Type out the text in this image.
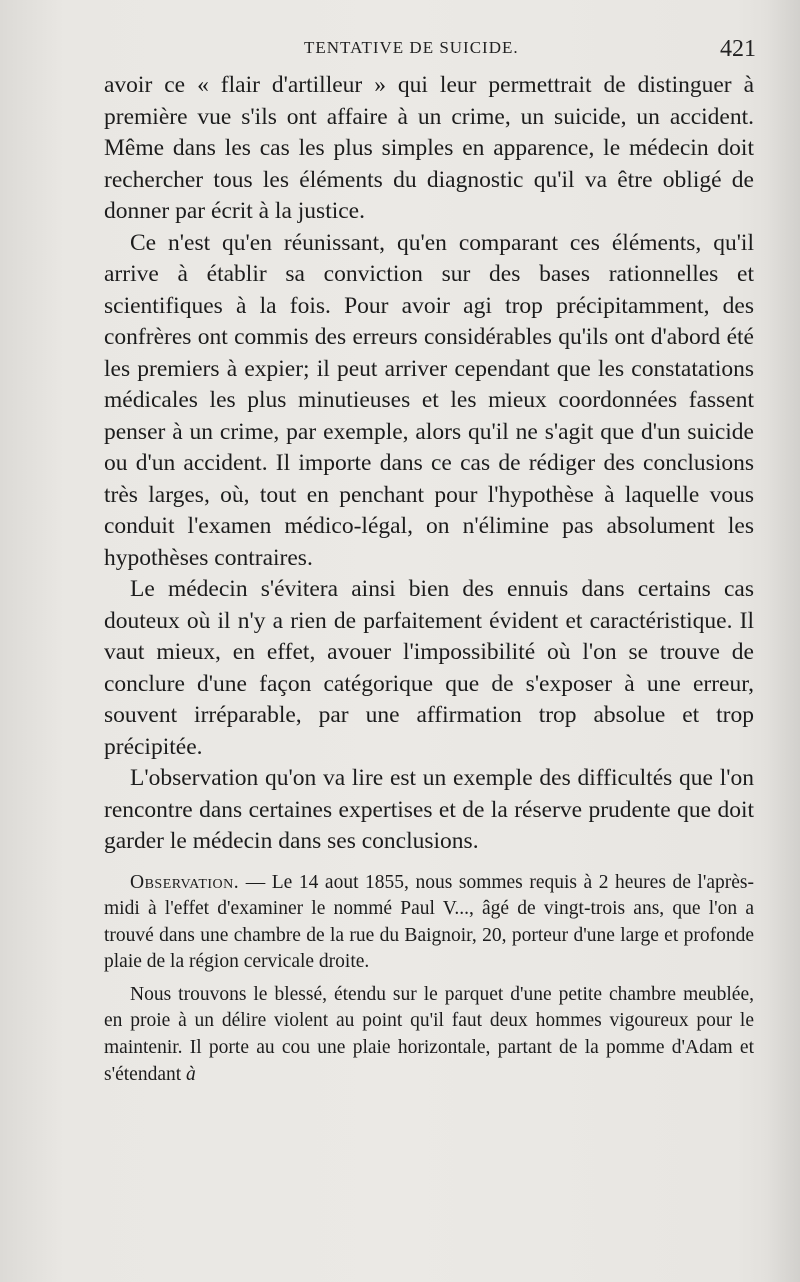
TENTATIVE DE SUICIDE.	421

avoir ce « flair d'artilleur » qui leur permettrait de distinguer à première vue s'ils ont affaire à un crime, un suicide, un accident. Même dans les cas les plus simples en apparence, le médecin doit rechercher tous les éléments du diagnostic qu'il va être obligé de donner par écrit à la justice.

Ce n'est qu'en réunissant, qu'en comparant ces éléments, qu'il arrive à établir sa conviction sur des bases rationnelles et scientifiques à la fois. Pour avoir agi trop précipitamment, des confrères ont commis des erreurs considérables qu'ils ont d'abord été les premiers à expier; il peut arriver cependant que les constatations médicales les plus minutieuses et les mieux coordonnées fassent penser à un crime, par exemple, alors qu'il ne s'agit que d'un suicide ou d'un accident. Il importe dans ce cas de rédiger des conclusions très larges, où, tout en penchant pour l'hypothèse à laquelle vous conduit l'examen médico-légal, on n'élimine pas absolument les hypothèses contraires.

Le médecin s'évitera ainsi bien des ennuis dans certains cas douteux où il n'y a rien de parfaitement évident et caractéristique. Il vaut mieux, en effet, avouer l'impossibilité où l'on se trouve de conclure d'une façon catégorique que de s'exposer à une erreur, souvent irréparable, par une affirmation trop absolue et trop précipitée.

L'observation qu'on va lire est un exemple des difficultés que l'on rencontre dans certaines expertises et de la réserve prudente que doit garder le médecin dans ses conclusions.

Observation. — Le 14 aout 1855, nous sommes requis à 2 heures de l'après-midi à l'effet d'examiner le nommé Paul V..., âgé de vingt-trois ans, que l'on a trouvé dans une chambre de la rue du Baignoir, 20, porteur d'une large et profonde plaie de la région cervicale droite.

Nous trouvons le blessé, étendu sur le parquet d'une petite chambre meublée, en proie à un délire violent au point qu'il faut deux hommes vigoureux pour le maintenir. Il porte au cou une plaie horizontale, partant de la pomme d'Adam et s'étendant à
